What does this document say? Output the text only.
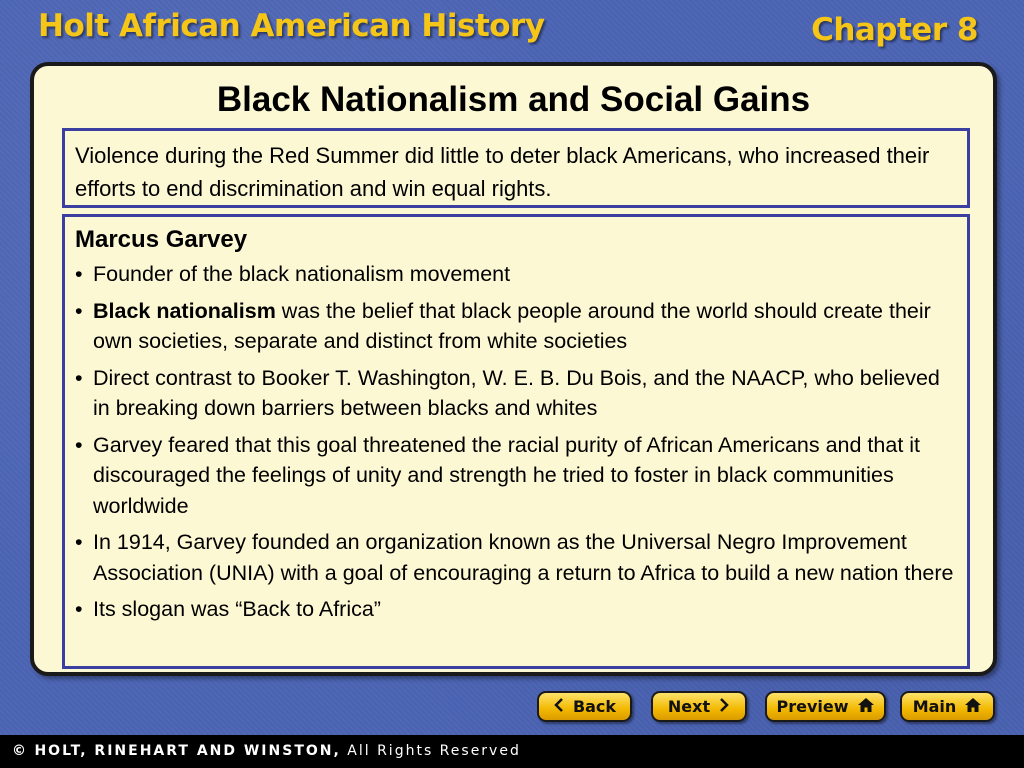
Holt African American History	Chapter 8
Black Nationalism and Social Gains
Violence during the Red Summer did little to deter black Americans, who increased their efforts to end discrimination and win equal rights.
Marcus Garvey
• Founder of the black nationalism movement
• Black nationalism was the belief that black people around the world should create their own societies, separate and distinct from white societies
• Direct contrast to Booker T. Washington, W. E. B. Du Bois, and the NAACP, who believed in breaking down barriers between blacks and whites
• Garvey feared that this goal threatened the racial purity of African Americans and that it discouraged the feelings of unity and strength he tried to foster in black communities worldwide
• In 1914, Garvey founded an organization known as the Universal Negro Improvement Association (UNIA) with a goal of encouraging a return to Africa to build a new nation there
• Its slogan was “Back to Africa”
Back	Next	Preview	Main
© HOLT, RINEHART AND WINSTON, All Rights Reserved
